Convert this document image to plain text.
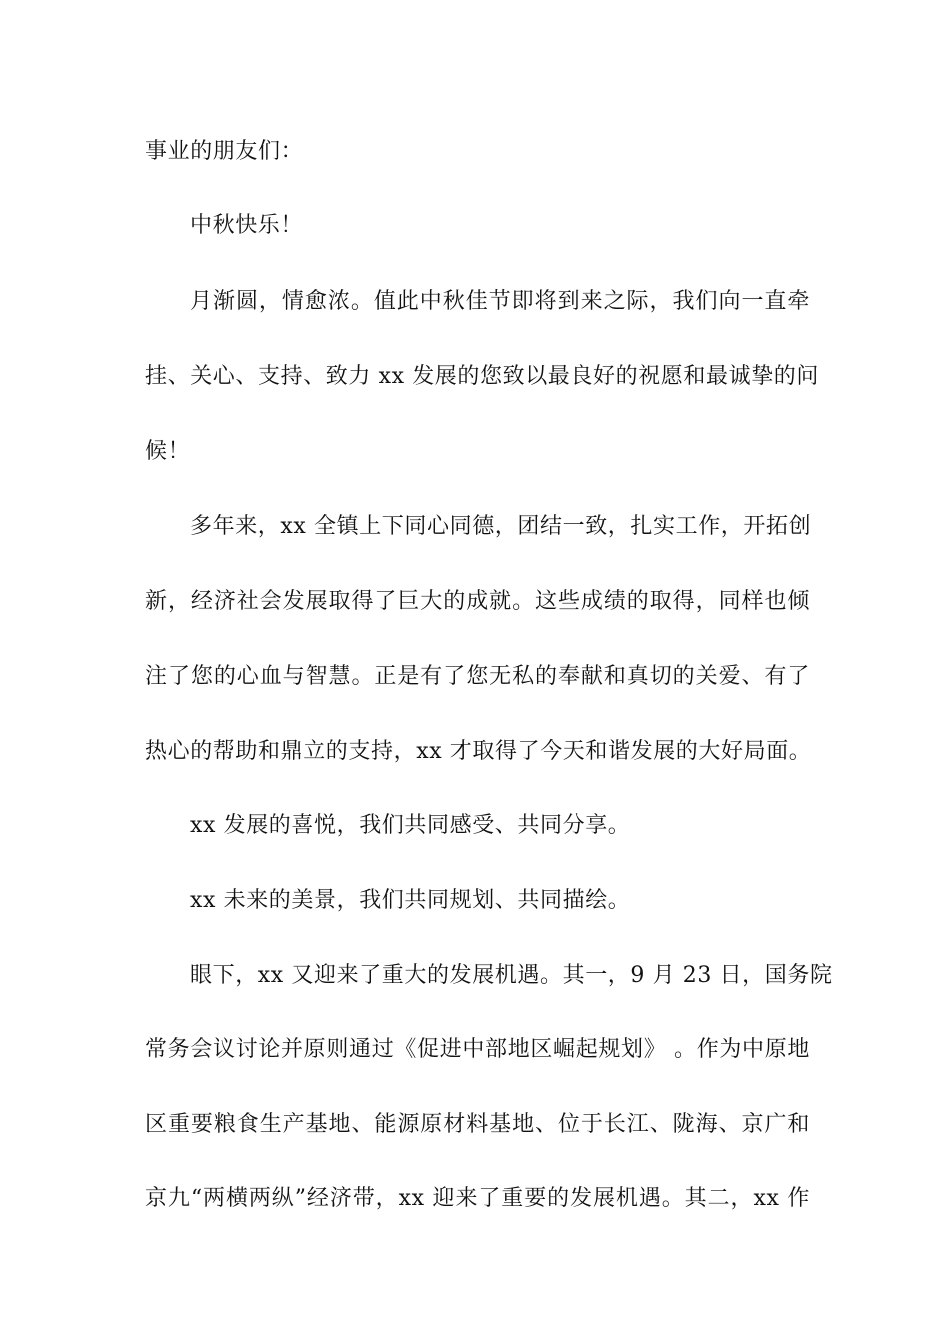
事业的朋友们：
中秋快乐！
月渐圆，情愈浓。值此中秋佳节即将到来之际，我们向一直牵
挂、关心、支持、致力 xx 发展的您致以最良好的祝愿和最诚挚的问
候！
多年来，xx 全镇上下同心同德，团结一致，扎实工作，开拓创
新，经济社会发展取得了巨大的成就。这些成绩的取得，同样也倾
注了您的心血与智慧。正是有了您无私的奉献和真切的关爱、有了
热心的帮助和鼎立的支持，xx 才取得了今天和谐发展的大好局面。
xx 发展的喜悦，我们共同感受、共同分享。
xx 未来的美景，我们共同规划、共同描绘。
眼下，xx 又迎来了重大的发展机遇。其一，9 月 23 日，国务院
常务会议讨论并原则通过《促进中部地区崛起规划》 。作为中原地
区重要粮食生产基地、能源原材料基地、位于长江、陇海、京广和
京九“两横两纵”经济带，xx 迎来了重要的发展机遇。其二，xx 作
